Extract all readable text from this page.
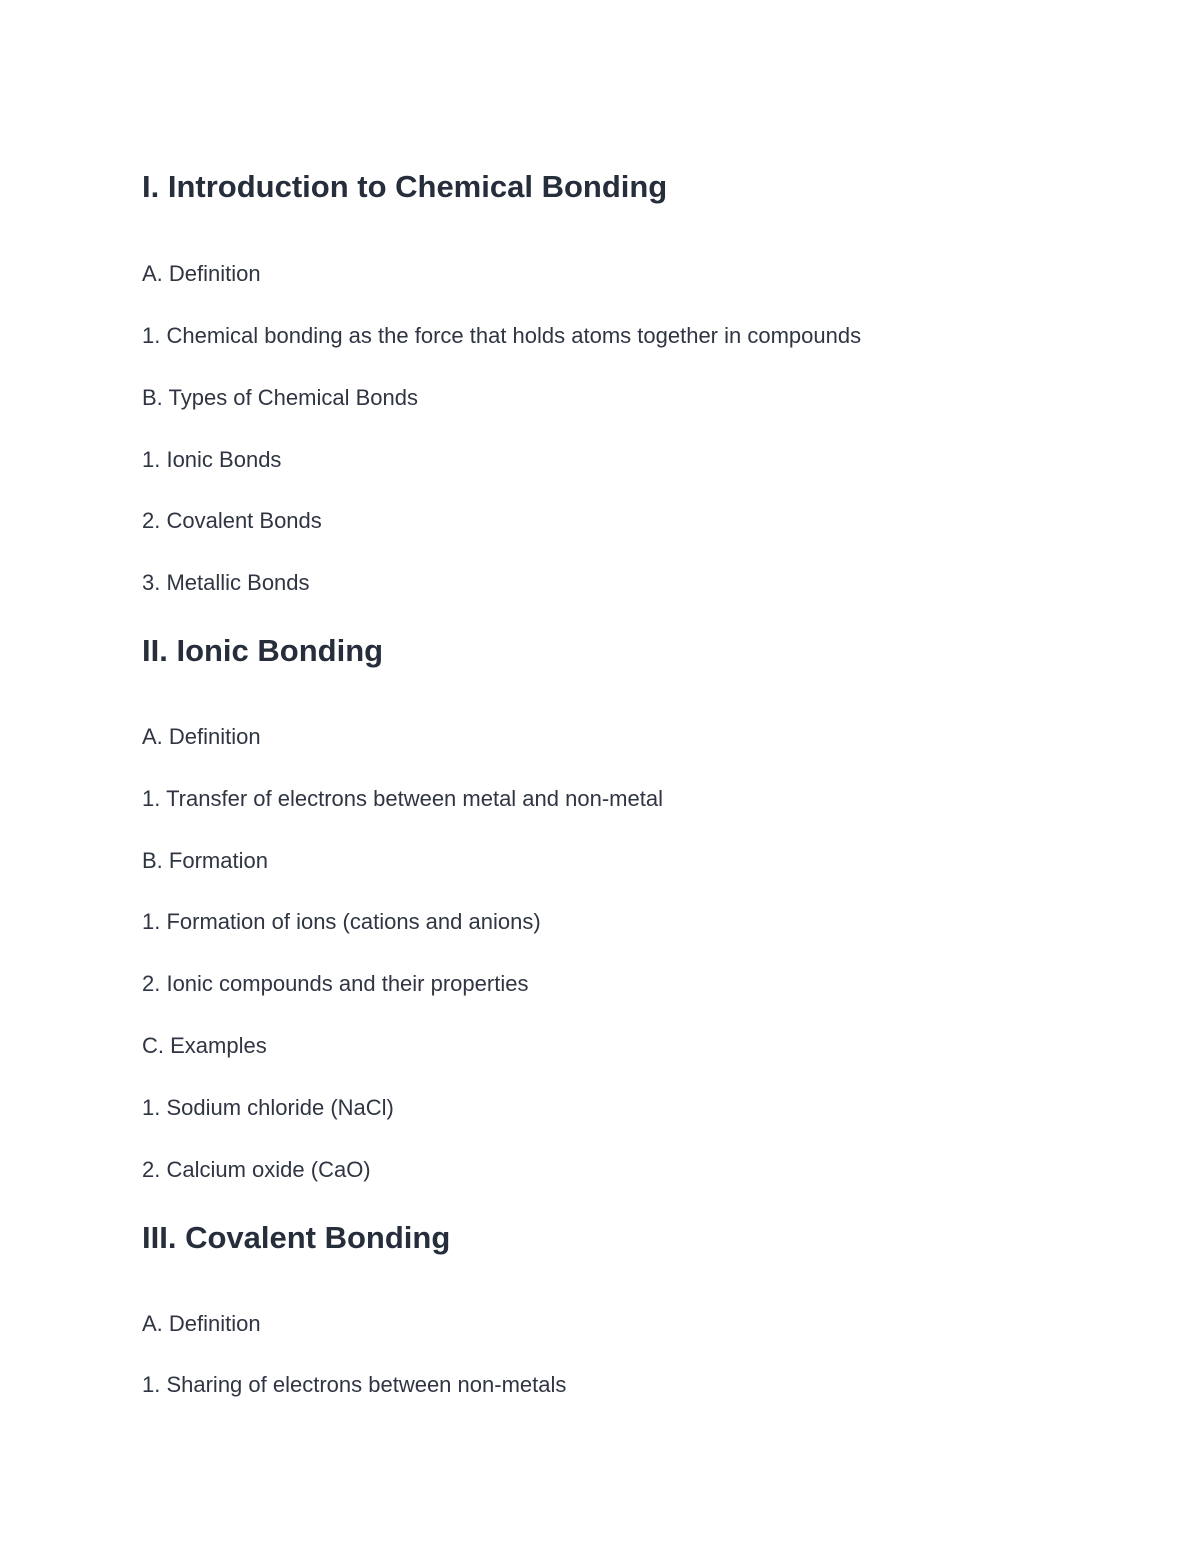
I. Introduction to Chemical Bonding
A. Definition
1. Chemical bonding as the force that holds atoms together in compounds
B. Types of Chemical Bonds
1. Ionic Bonds
2. Covalent Bonds
3. Metallic Bonds
II. Ionic Bonding
A. Definition
1. Transfer of electrons between metal and non-metal
B. Formation
1. Formation of ions (cations and anions)
2. Ionic compounds and their properties
C. Examples
1. Sodium chloride (NaCl)
2. Calcium oxide (CaO)
III. Covalent Bonding
A. Definition
1. Sharing of electrons between non-metals
